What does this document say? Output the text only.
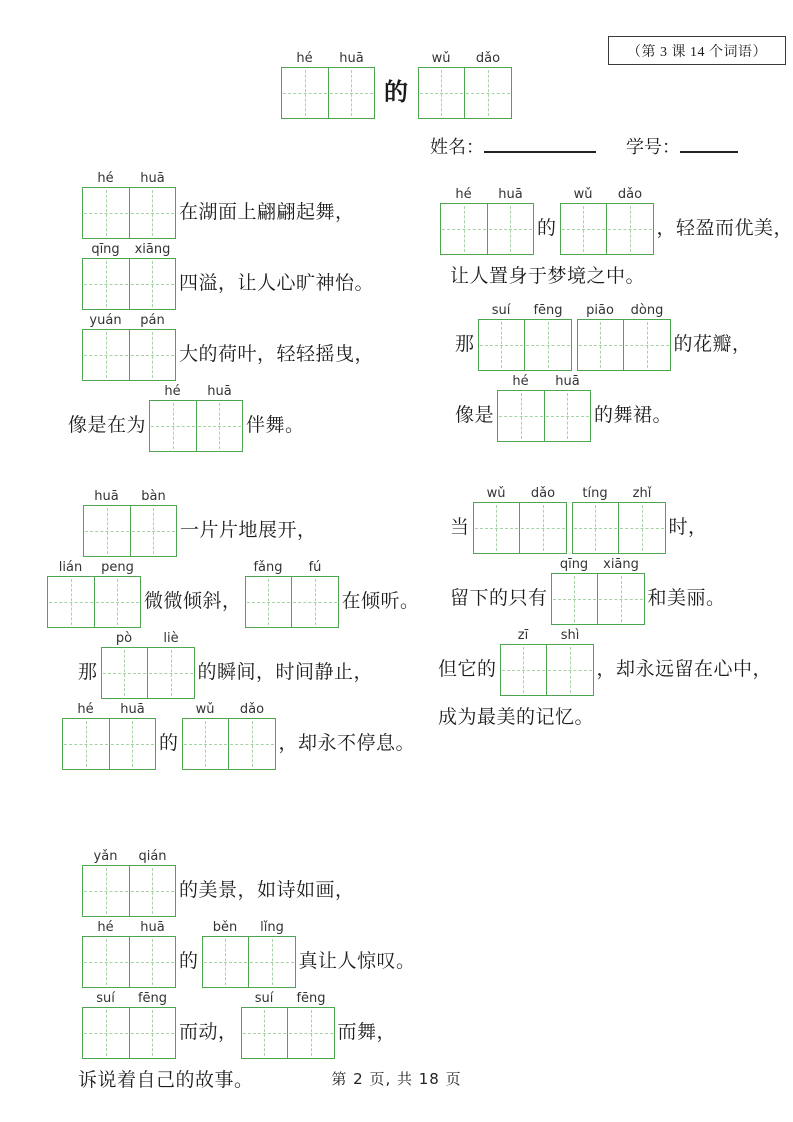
（第 3 课 14 个词语）
hé	huā
的
wǔ	dǎo
姓名：	学号：
hé	huā
在湖面上翩翩起舞，
qīng	xiāng
四溢，让人心旷神怡。
yuán	pán
大的荷叶，轻轻摇曳，
像是在为
hé	huā
伴舞。
hé	huā
的
wǔ	dǎo
，轻盈而优美，
让人置身于梦境之中。
那
suí	fēng	piāo	dòng
的花瓣，
像是
hé	huā
的舞裙。
huā	bàn
一片片地展开，
lián	peng
微微倾斜，
fǎng	fú
在倾听。
那
pò	liè
的瞬间，时间静止，
hé	huā
的
wǔ	dǎo
，却永不停息。
当
wǔ	dǎo	tíng	zhǐ
时，
留下的只有
qīng	xiāng
和美丽。
但它的
zī	shì
，却永远留在心中，
成为最美的记忆。
yǎn	qián
的美景，如诗如画，
hé	huā
的
běn	lǐng
真让人惊叹。
suí	fēng
而动，
suí	fēng
而舞，
诉说着自己的故事。	第 2 页, 共 18 页
